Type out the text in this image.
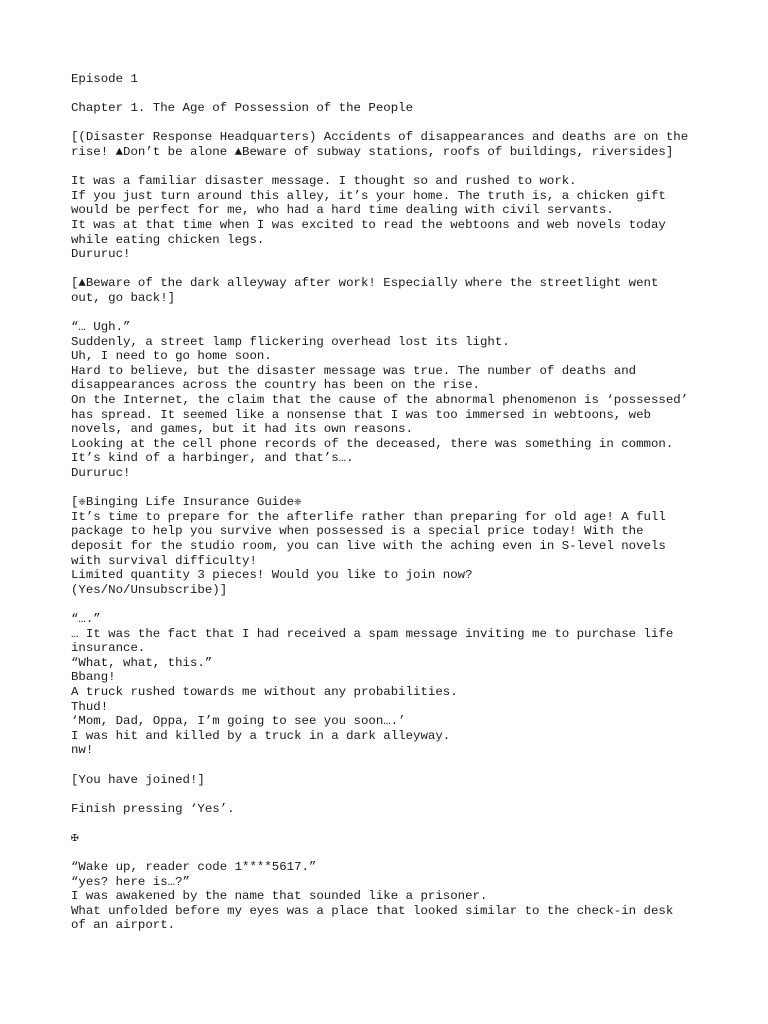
Episode 1
Chapter 1. The Age of Possession of the People
[(Disaster Response Headquarters) Accidents of disappearances and deaths are on the
rise! ▲Don’t be alone ▲Beware of subway stations, roofs of buildings, riversides]
It was a familiar disaster message. I thought so and rushed to work.
If you just turn around this alley, it’s your home. The truth is, a chicken gift
would be perfect for me, who had a hard time dealing with civil servants.
It was at that time when I was excited to read the webtoons and web novels today
while eating chicken legs.
Dururuc!
[▲Beware of the dark alleyway after work! Especially where the streetlight went
out, go back!]
“… Ugh.”
Suddenly, a street lamp flickering overhead lost its light.
Uh, I need to go home soon.
Hard to believe, but the disaster message was true. The number of deaths and
disappearances across the country has been on the rise.
On the Internet, the claim that the cause of the abnormal phenomenon is ‘possessed’
has spread. It seemed like a nonsense that I was too immersed in webtoons, web
novels, and games, but it had its own reasons.
Looking at the cell phone records of the deceased, there was something in common.
It’s kind of a harbinger, and that’s….
Dururuc!
[❈Binging Life Insurance Guide❈
It’s time to prepare for the afterlife rather than preparing for old age! A full
package to help you survive when possessed is a special price today! With the
deposit for the studio room, you can live with the aching even in S-level novels
with survival difficulty!
Limited quantity 3 pieces! Would you like to join now?
(Yes/No/Unsubscribe)]
“….”
… It was the fact that I had received a spam message inviting me to purchase life
insurance.
“What, what, this.”
Bbang!
A truck rushed towards me without any probabilities.
Thud!
‘Mom, Dad, Oppa, I’m going to see you soon….’
I was hit and killed by a truck in a dark alleyway.
nw!
[You have joined!]
Finish pressing ‘Yes’.
✠
“Wake up, reader code 1****5617.”
“yes? here is…?”
I was awakened by the name that sounded like a prisoner.
What unfolded before my eyes was a place that looked similar to the check-in desk
of an airport.
